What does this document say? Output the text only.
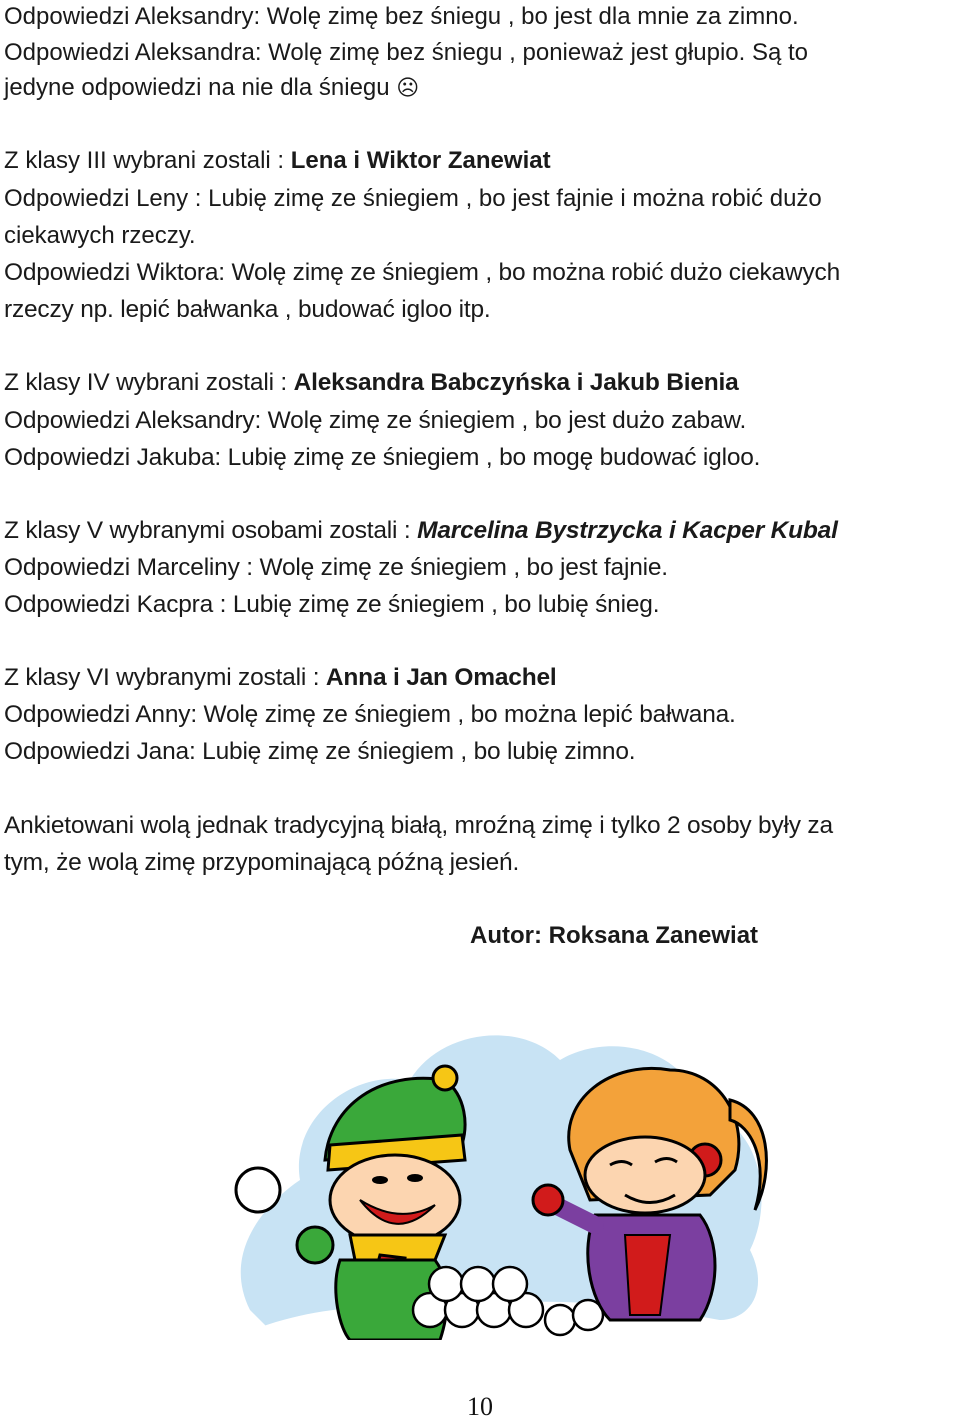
Odpowiedzi Aleksandry: Wolę zimę bez śniegu , bo jest dla mnie za zimno.
Odpowiedzi Aleksandra: Wolę zimę bez śniegu , ponieważ jest głupio. Są to
jedyne odpowiedzi na nie dla śniegu ☹
Z klasy III wybrani zostali : Lena i Wiktor Zanewiat
Odpowiedzi Leny : Lubię zimę ze śniegiem , bo jest fajnie i można robić dużo
ciekawych rzeczy.
Odpowiedzi Wiktora: Wolę zimę ze śniegiem , bo można robić dużo ciekawych
rzeczy np. lepić bałwanka , budować igloo itp.
Z klasy IV wybrani zostali : Aleksandra Babczyńska i Jakub Bienia
Odpowiedzi Aleksandry: Wolę zimę ze śniegiem , bo jest dużo zabaw.
Odpowiedzi Jakuba: Lubię zimę ze śniegiem , bo mogę budować igloo.
Z klasy V wybranymi osobami zostali : Marcelina Bystrzycka i Kacper Kubal
Odpowiedzi Marceliny : Wolę zimę ze śniegiem , bo jest fajnie.
Odpowiedzi Kacpra : Lubię zimę ze śniegiem , bo lubię śnieg.
Z klasy VI wybranymi zostali : Anna i Jan Omachel
Odpowiedzi Anny: Wolę zimę ze śniegiem , bo można lepić bałwana.
Odpowiedzi Jana: Lubię zimę ze śniegiem , bo lubię zimno.
Ankietowani wolą jednak tradycyjną białą, mroźną zimę i tylko 2 osoby były za
tym, że wolą zimę przypominającą późną jesień.
Autor: Roksana Zanewiat
10
